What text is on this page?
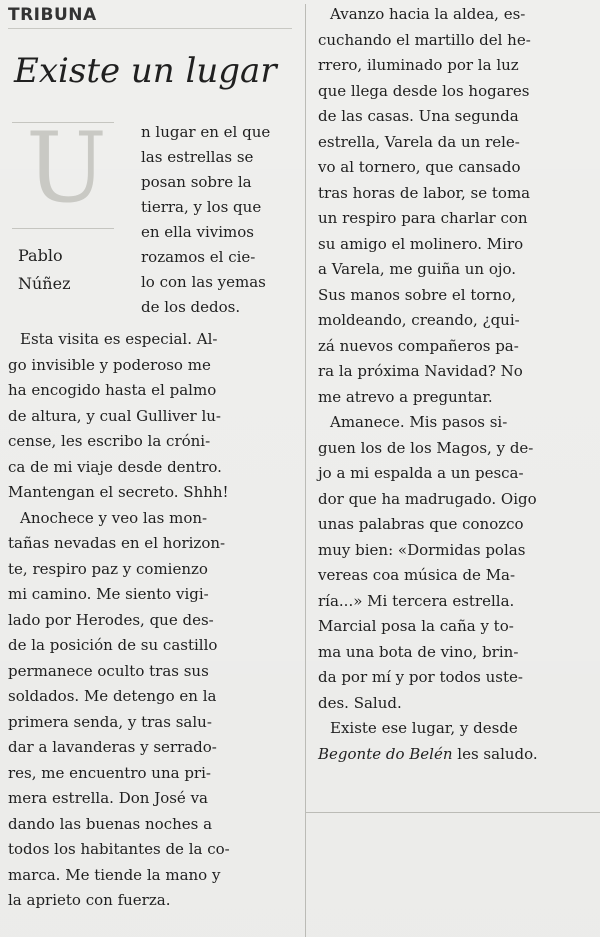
TRIBUNA
Existe un lugar
U
Pablo
Núñez
n lugar en el que
las estrellas se
posan sobre la
tierra, y los que
en ella vivimos
rozamos el cie-
lo con las yemas
de los dedos.
Esta visita es especial. Al-
go invisible y poderoso me
ha encogido hasta el palmo
de altura, y cual Gulliver lu-
cense, les escribo la cróni-
ca de mi viaje desde dentro.
Mantengan el secreto. Shhh!
Anochece y veo las mon-
tañas nevadas en el horizon-
te, respiro paz y comienzo
mi camino. Me siento vigi-
lado por Herodes, que des-
de la posición de su castillo
permanece oculto tras sus
soldados. Me detengo en la
primera senda, y tras salu-
dar a lavanderas y serrado-
res, me encuentro una pri-
mera estrella. Don José va
dando las buenas noches a
todos los habitantes de la co-
marca. Me tiende la mano y
la aprieto con fuerza.
Avanzo hacia la aldea, es-
cuchando el martillo del he-
rrero, iluminado por la luz
que llega desde los hogares
de las casas. Una segunda
estrella, Varela da un rele-
vo al tornero, que cansado
tras horas de labor, se toma
un respiro para charlar con
su amigo el molinero. Miro
a Varela, me guiña un ojo.
Sus manos sobre el torno,
moldeando, creando, ¿qui-
zá nuevos compañeros pa-
ra la próxima Navidad? No
me atrevo a preguntar.
Amanece. Mis pasos si-
guen los de los Magos, y de-
jo a mi espalda a un pesca-
dor que ha madrugado. Oigo
unas palabras que conozco
muy bien: «Dormidas polas
vereas coa música de Ma-
ría...» Mi tercera estrella.
Marcial posa la caña y to-
ma una bota de vino, brin-
da por mí y por todos uste-
des. Salud.
Existe ese lugar, y desde
Begonte do Belén les saludo.
